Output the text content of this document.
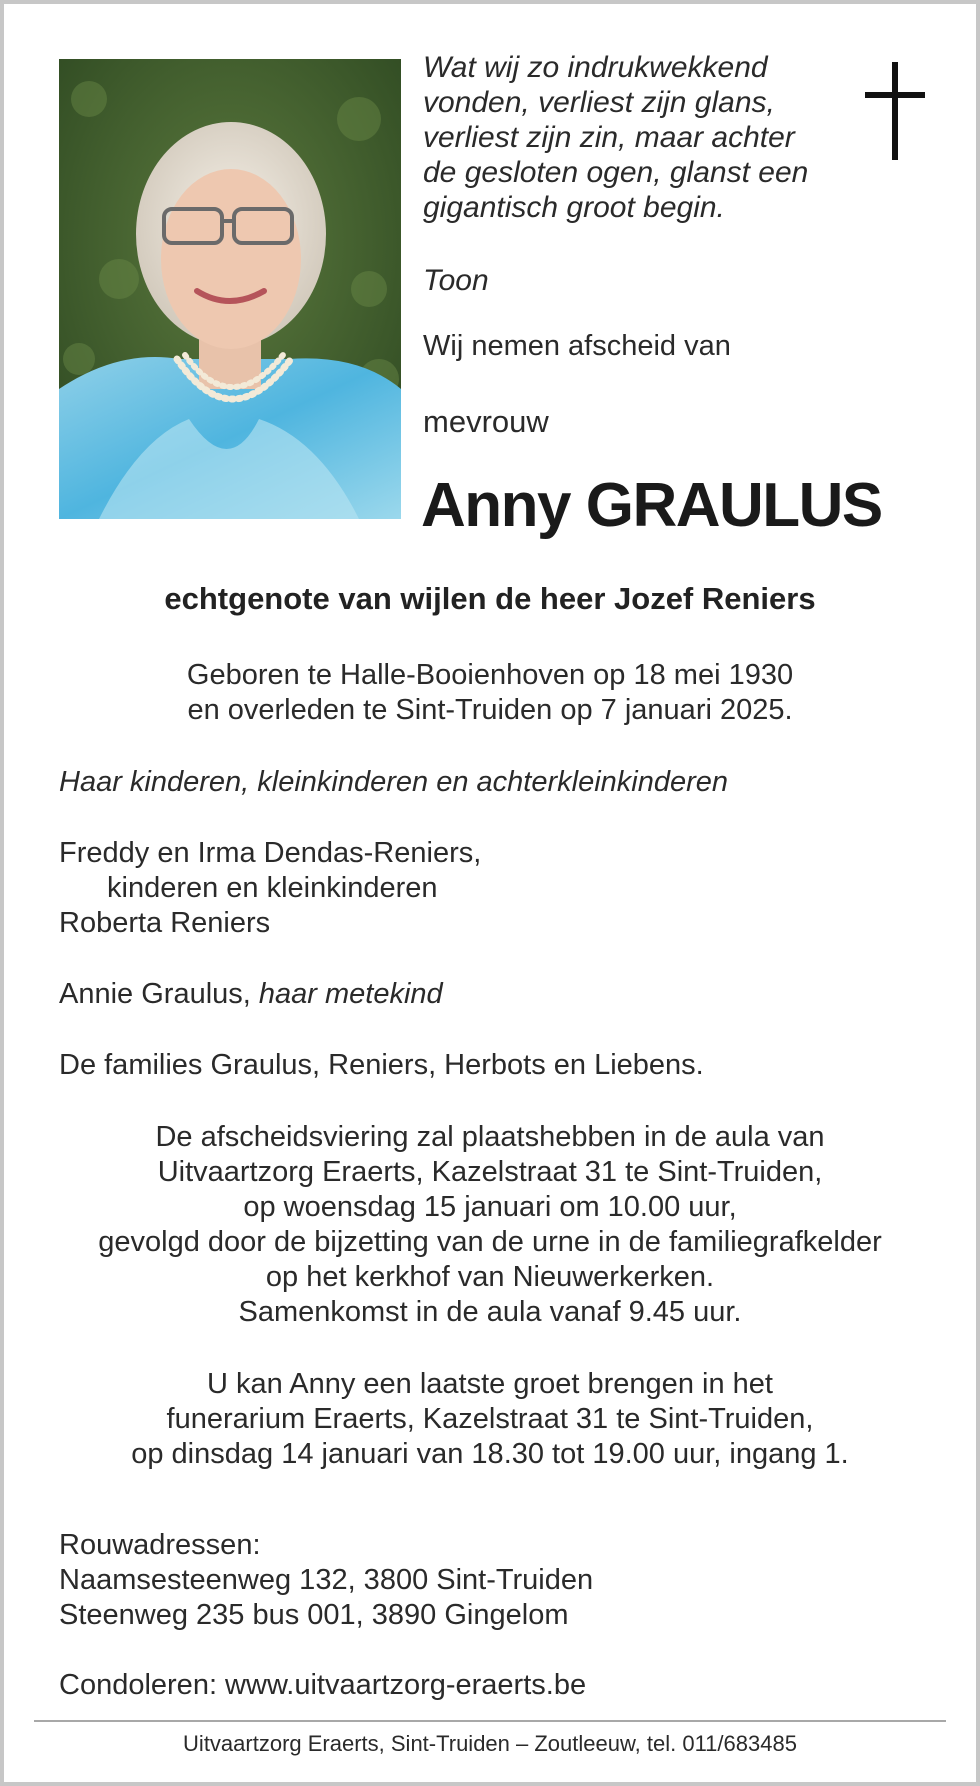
Wat wij zo indrukwekkend
vonden, verliest zijn glans,
verliest zijn zin, maar achter
de gesloten ogen, glanst een
gigantisch groot begin.
Toon
Wij nemen afscheid van
mevrouw
Anny GRAULUS
echtgenote van wijlen de heer Jozef Reniers
Geboren te Halle-Booienhoven op 18 mei 1930
en overleden te Sint-Truiden op 7 januari 2025.
Haar kinderen, kleinkinderen en achterkleinkinderen
Freddy en Irma Dendas-Reniers,
kinderen en kleinkinderen
Roberta Reniers
Annie Graulus, haar metekind
De families Graulus, Reniers, Herbots en Liebens.
De afscheidsviering zal plaatshebben in de aula van
Uitvaartzorg Eraerts, Kazelstraat 31 te Sint-Truiden,
op woensdag 15 januari om 10.00 uur,
gevolgd door de bijzetting van de urne in de familiegrafkelder
op het kerkhof van Nieuwerkerken.
Samenkomst in de aula vanaf 9.45 uur.
U kan Anny een laatste groet brengen in het
funerarium Eraerts, Kazelstraat 31 te Sint-Truiden,
op dinsdag 14 januari van 18.30 tot 19.00 uur, ingang 1.
Rouwadressen:
Naamsesteenweg 132, 3800 Sint-Truiden
Steenweg 235 bus 001, 3890 Gingelom
Condoleren: www.uitvaartzorg-eraerts.be
Uitvaartzorg Eraerts, Sint-Truiden – Zoutleeuw, tel. 011/683485
